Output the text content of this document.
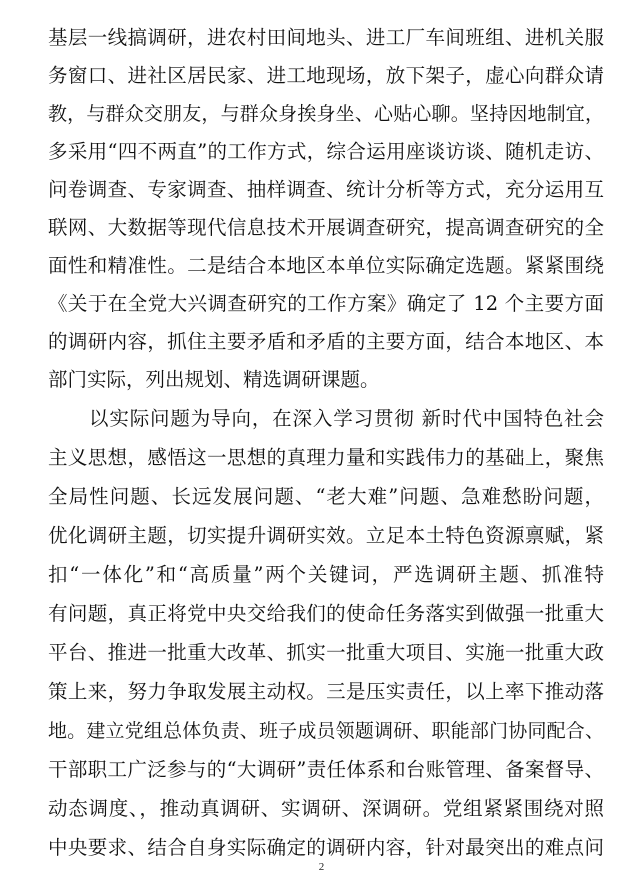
基层一线搞调研，进农村田间地头、进工厂车间班组、进机关服
务窗口、进社区居民家、进工地现场，放下架子，虚心向群众请
教，与群众交朋友，与群众身挨身坐、心贴心聊。坚持因地制宜，
多采用“四不两直”的工作方式，综合运用座谈访谈、随机走访、
问卷调查、专家调查、抽样调查、统计分析等方式，充分运用互
联网、大数据等现代信息技术开展调查研究，提高调查研究的全
面性和精准性。二是结合本地区本单位实际确定选题。紧紧围绕
《关于在全党大兴调查研究的工作方案》确定了 12 个主要方面
的调研内容，抓住主要矛盾和矛盾的主要方面，结合本地区、本
部门实际，列出规划、精选调研课题。
以实际问题为导向，在深入学习贯彻 新时代中国特色社会
主义思想，感悟这一思想的真理力量和实践伟力的基础上，聚焦
全局性问题、长远发展问题、“老大难”问题、急难愁盼问题，
优化调研主题，切实提升调研实效。立足本土特色资源禀赋，紧
扣“一体化”和“高质量”两个关键词，严选调研主题、抓准特
有问题，真正将党中央交给我们的使命任务落实到做强一批重大
平台、推进一批重大改革、抓实一批重大项目、实施一批重大政
策上来，努力争取发展主动权。三是压实责任，以上率下推动落
地。建立党组总体负责、班子成员领题调研、职能部门协同配合、
干部职工广泛参与的“大调研”责任体系和台账管理、备案督导、
动态调度、，推动真调研、实调研、深调研。党组紧紧围绕对照
中央要求、结合自身实际确定的调研内容，针对最突出的难点问
2
